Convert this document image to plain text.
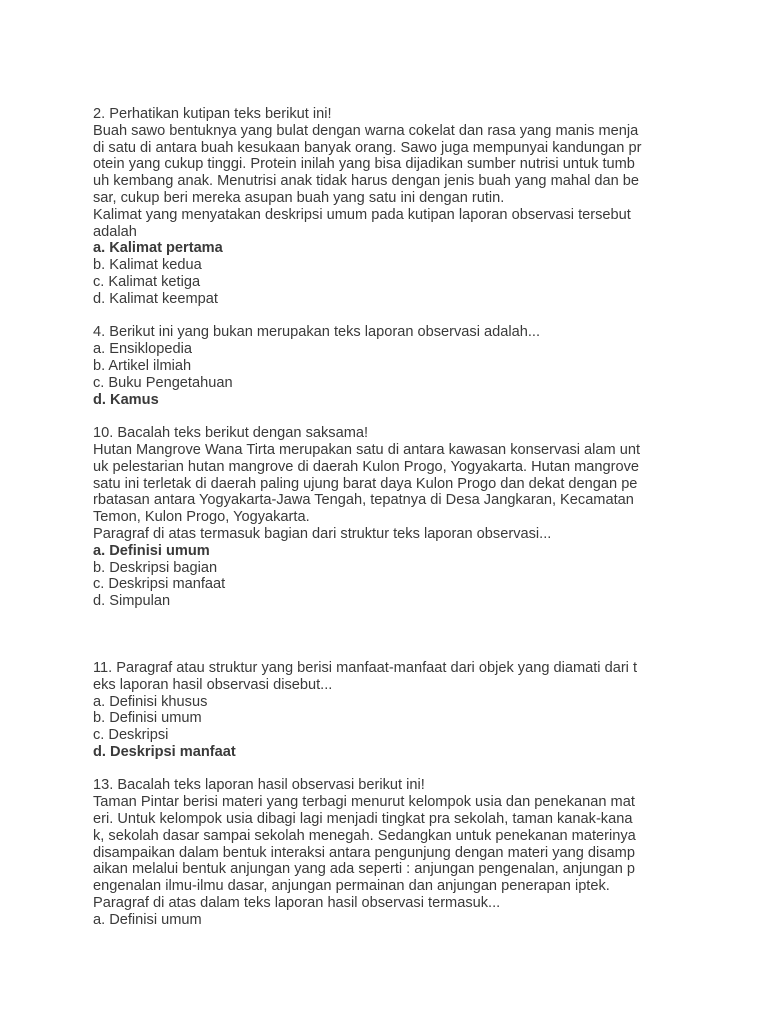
2. Perhatikan kutipan teks berikut ini!
Buah sawo bentuknya yang bulat dengan warna cokelat dan rasa yang manis menja
di satu di antara buah kesukaan banyak orang. Sawo juga mempunyai kandungan pr
otein yang cukup tinggi. Protein inilah yang bisa dijadikan sumber nutrisi untuk tumb
uh kembang anak. Menutrisi anak tidak harus dengan jenis buah yang mahal dan be
sar, cukup beri mereka asupan buah yang satu ini dengan rutin.
Kalimat yang menyatakan deskripsi umum pada kutipan laporan observasi tersebut
adalah
a. Kalimat pertama
b. Kalimat kedua
c. Kalimat ketiga
d. Kalimat keempat
4. Berikut ini yang bukan merupakan teks laporan observasi adalah...
a. Ensiklopedia
b. Artikel ilmiah
c. Buku Pengetahuan
d. Kamus
10. Bacalah teks berikut dengan saksama!
Hutan Mangrove Wana Tirta merupakan satu di antara kawasan konservasi alam unt
uk pelestarian hutan mangrove di daerah Kulon Progo, Yogyakarta. Hutan mangrove
satu ini terletak di daerah paling ujung barat daya Kulon Progo dan dekat dengan pe
rbatasan antara Yogyakarta-Jawa Tengah, tepatnya di Desa Jangkaran, Kecamatan
Temon, Kulon Progo, Yogyakarta.
Paragraf di atas termasuk bagian dari struktur teks laporan observasi...
a. Definisi umum
b. Deskripsi bagian
c. Deskripsi manfaat
d. Simpulan
11. Paragraf atau struktur yang berisi manfaat-manfaat dari objek yang diamati dari t
eks laporan hasil observasi disebut...
a. Definisi khusus
b. Definisi umum
c. Deskripsi
d. Deskripsi manfaat
13. Bacalah teks laporan hasil observasi berikut ini!
Taman Pintar berisi materi yang terbagi menurut kelompok usia dan penekanan mat
eri. Untuk kelompok usia dibagi lagi menjadi tingkat pra sekolah, taman kanak-kana
k, sekolah dasar sampai sekolah menegah. Sedangkan untuk penekanan materinya
disampaikan dalam bentuk interaksi antara pengunjung dengan materi yang disamp
aikan melalui bentuk anjungan yang ada seperti : anjungan pengenalan, anjungan p
engenalan ilmu-ilmu dasar, anjungan permainan dan anjungan penerapan iptek.
Paragraf di atas dalam teks laporan hasil observasi termasuk...
a. Definisi umum
